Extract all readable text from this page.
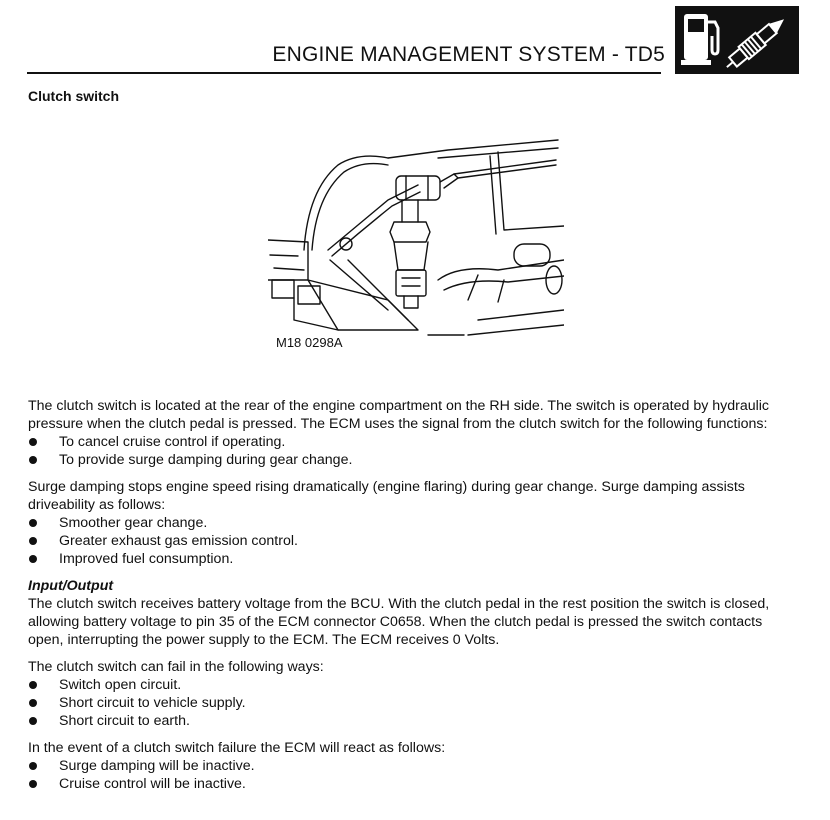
ENGINE MANAGEMENT SYSTEM - TD5
Clutch switch
M18 0298A

The clutch switch is located at the rear of the engine compartment on the RH side. The switch is operated by hydraulic pressure when the clutch pedal is pressed. The ECM uses the signal from the clutch switch for the following functions:

To cancel cruise control if operating.
To provide surge damping during gear change.

Surge damping stops engine speed rising dramatically (engine flaring) during gear change. Surge damping assists driveability as follows:

Smoother gear change.
Greater exhaust gas emission control.
Improved fuel consumption.

Input/Output

The clutch switch receives battery voltage from the BCU. With the clutch pedal in the rest position the switch is closed, allowing battery voltage to pin 35 of the ECM connector C0658. When the clutch pedal is pressed the switch contacts open, interrupting the power supply to the ECM. The ECM receives 0 Volts.

The clutch switch can fail in the following ways:

Switch open circuit.
Short circuit to vehicle supply.
Short circuit to earth.

In the event of a clutch switch failure the ECM will react as follows:

Surge damping will be inactive.
Cruise control will be inactive.
